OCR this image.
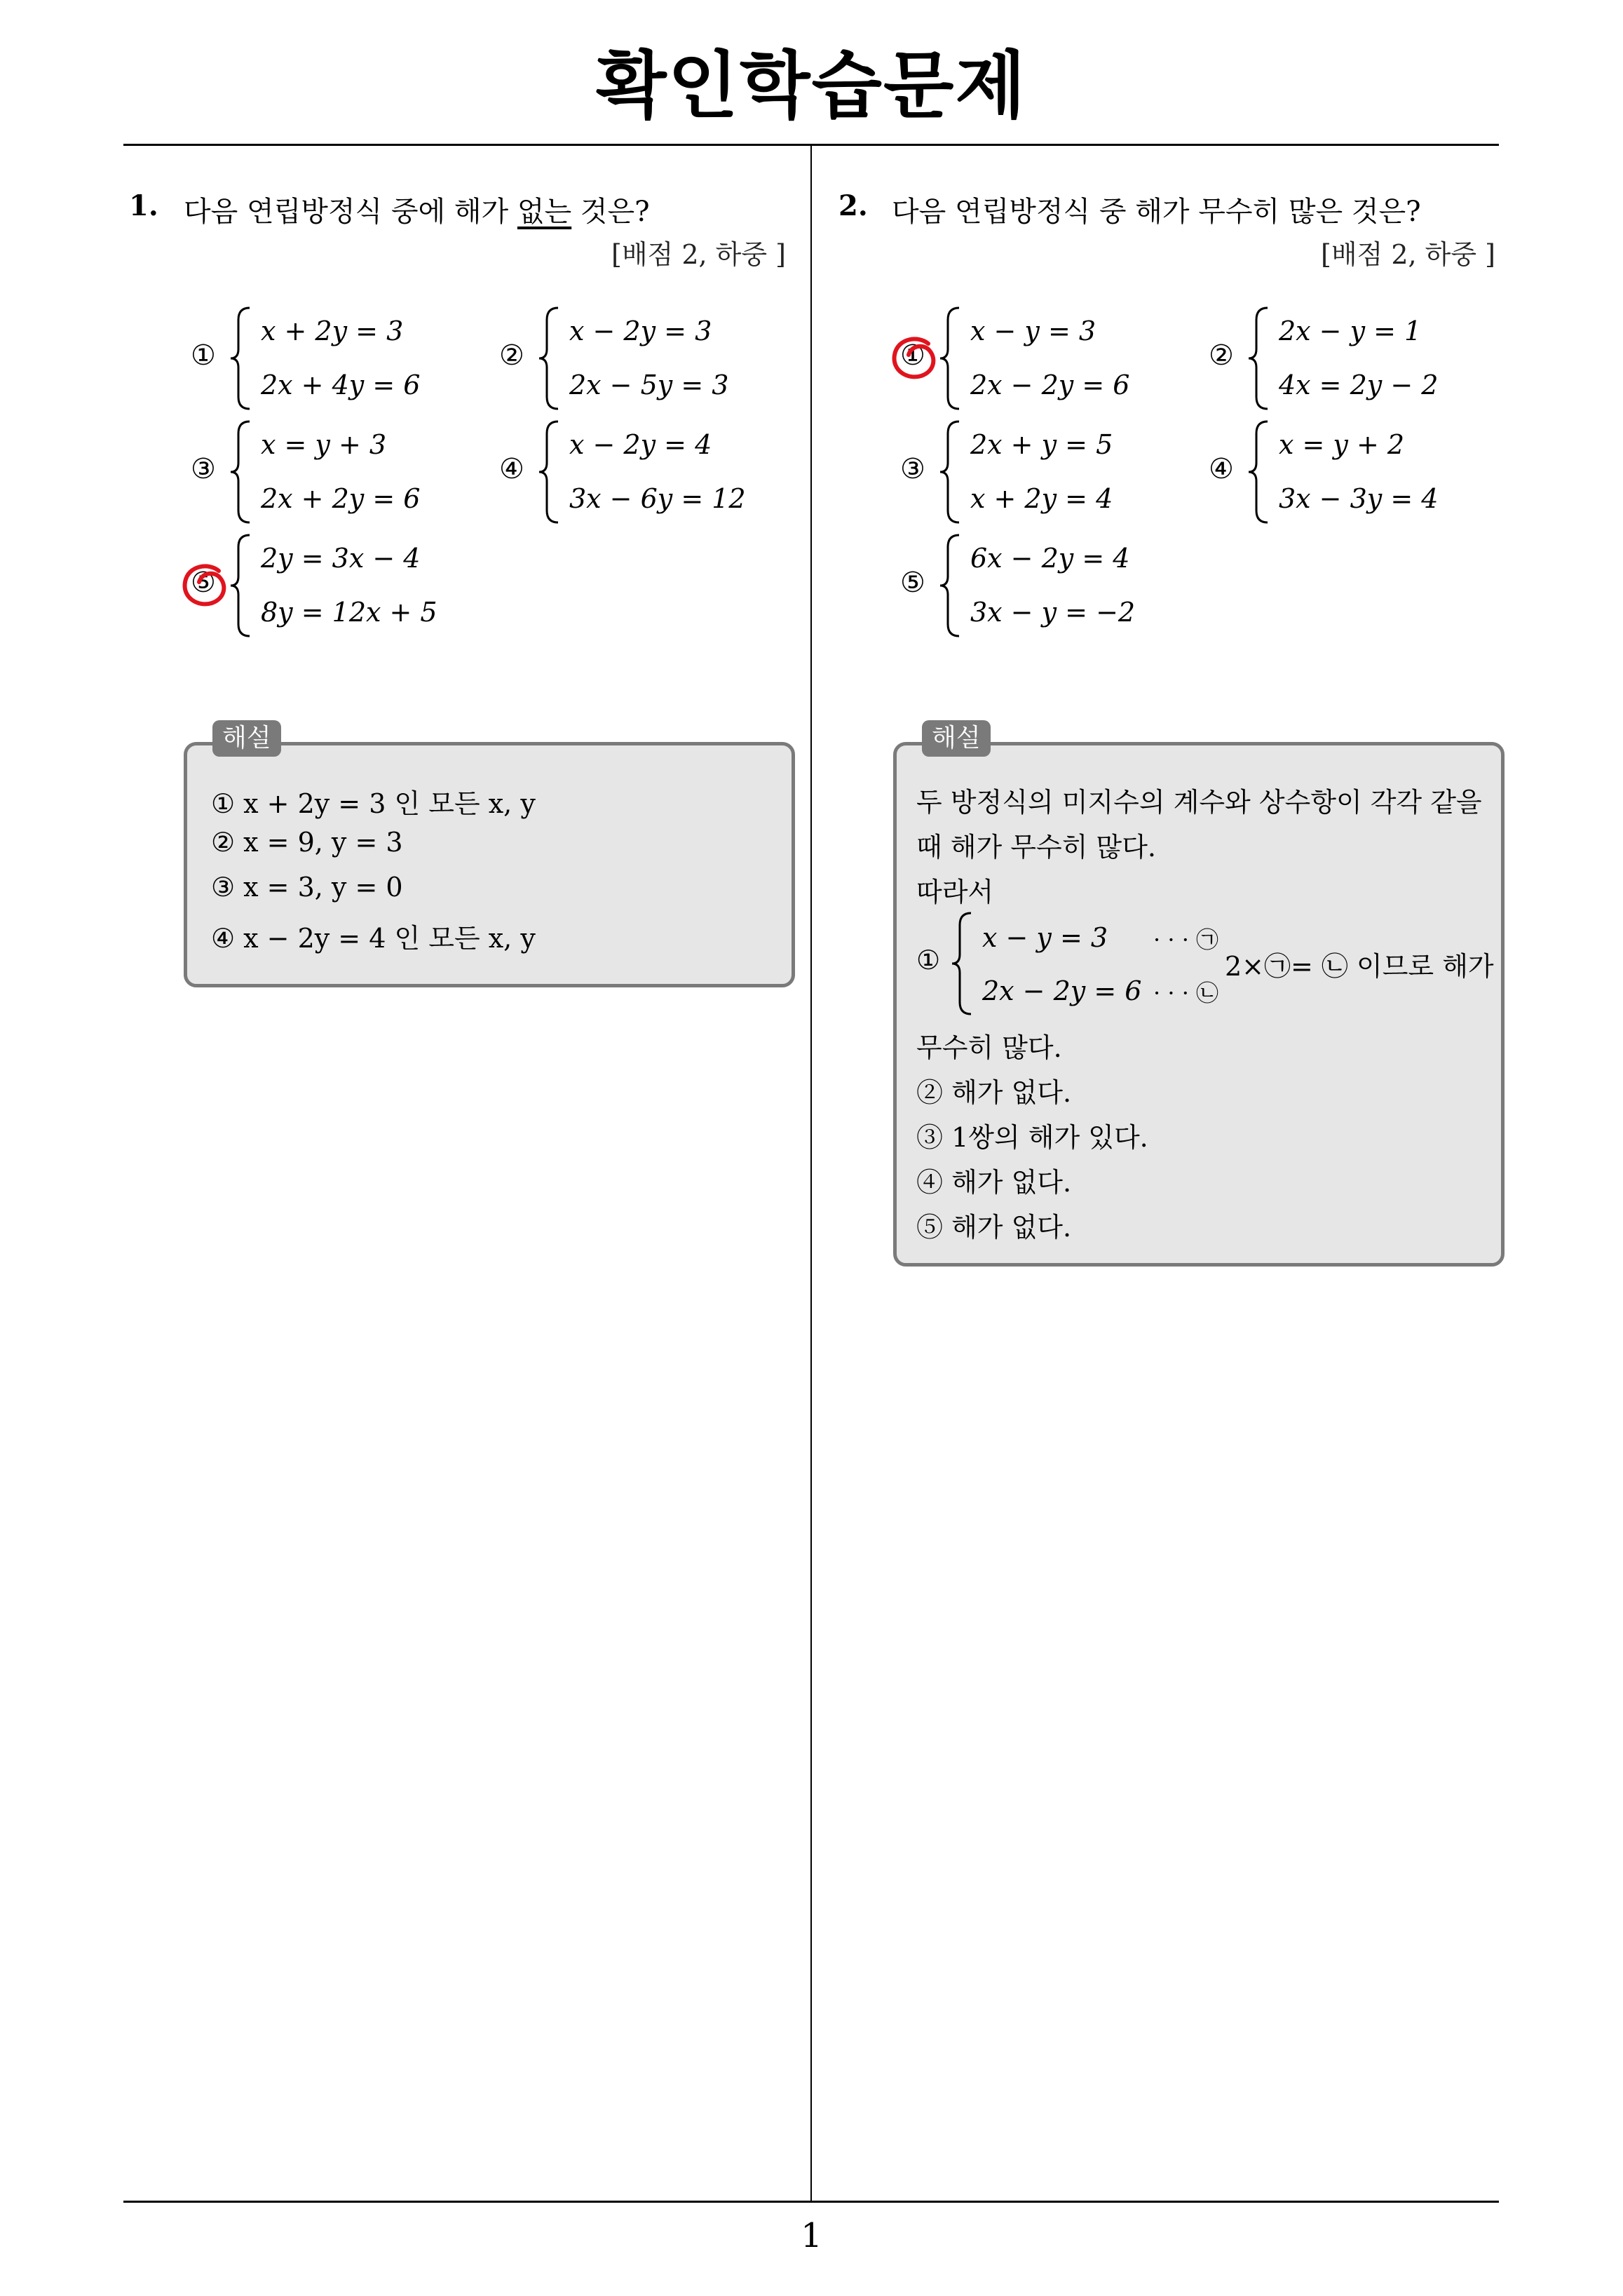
확인학습문제
1. 다음 연립방정식 중에 해가 없는 것은?
[배점 2, 하중 ]
①
x + 2y = 3
2x + 4y = 6
②
x − 2y = 3
2x − 5y = 3
③
x = y + 3
2x + 2y = 6
④
x − 2y = 4
3x − 6y = 12
⑤
2y = 3x − 4
8y = 12x + 5
해설
① x + 2y = 3 인 모든 x, y
② x = 9, y = 3
③ x = 3, y = 0
④ x − 2y = 4 인 모든 x, y
2. 다음 연립방정식 중 해가 무수히 많은 것은?
[배점 2, 하중 ]
①
x − y = 3
2x − 2y = 6
②
2x − y = 1
4x = 2y − 2
③
2x + y = 5
x + 2y = 4
④
x = y + 2
3x − 3y = 4
⑤
6x − 2y = 4
3x − y = −2
해설
두 방정식의 미지수의 계수와 상수항이 각각 같을
때 해가 무수히 많다.
따라서
①
x − y = 3 · · · ㉠
2x − 2y = 6 · · · ㉡
2×㉠= ㉡ 이므로 해가
무수히 많다.
② 해가 없다.
③ 1쌍의 해가 있다.
④ 해가 없다.
⑤ 해가 없다.
1
